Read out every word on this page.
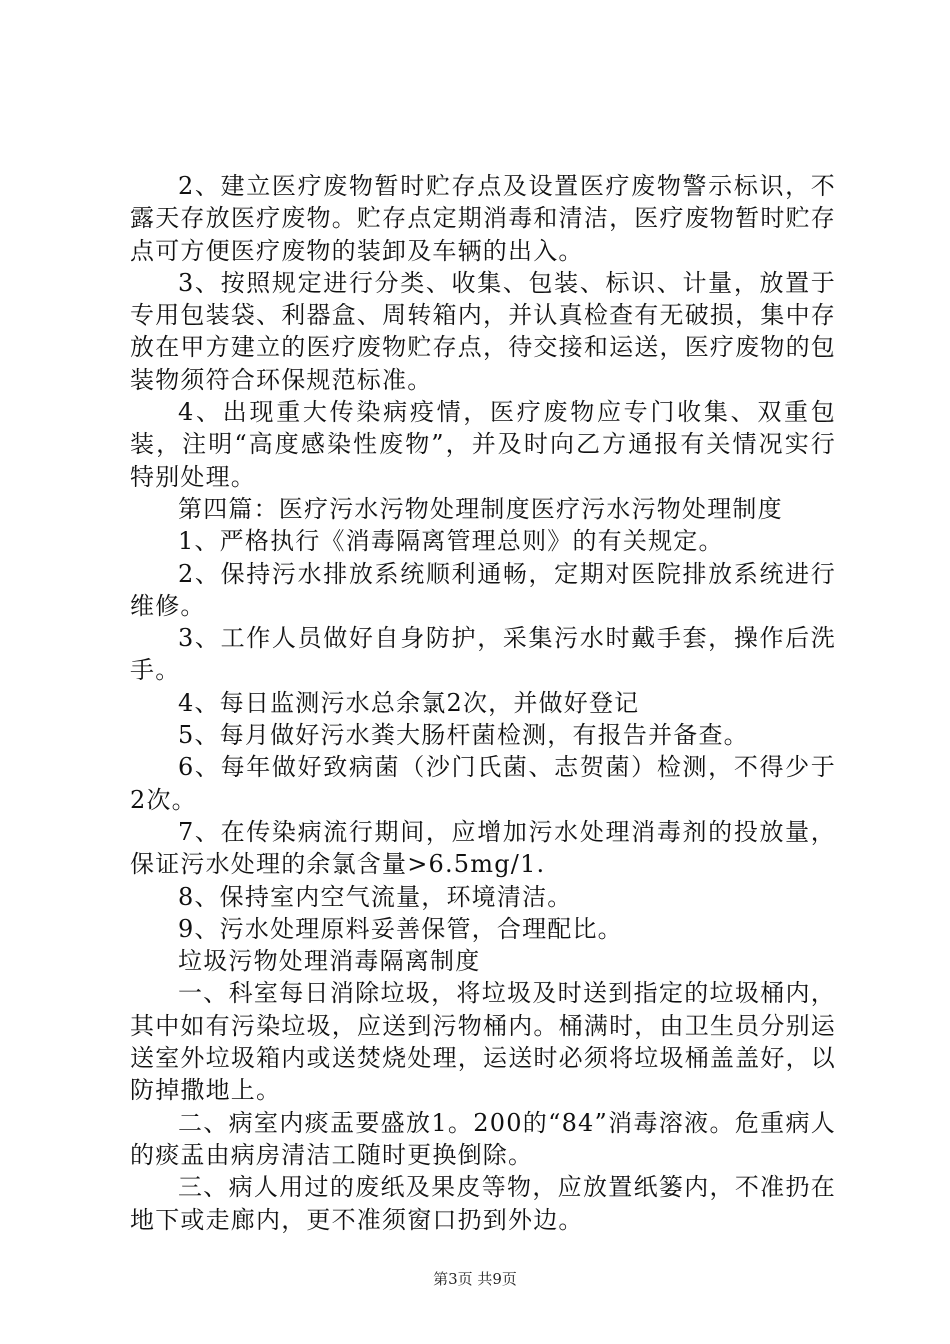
2、建立医疗废物暂时贮存点及设置医疗废物警示标识，不露天存放医疗废物。贮存点定期消毒和清洁，医疗废物暂时贮存点可方便医疗废物的装卸及车辆的出入。

3、按照规定进行分类、收集、包装、标识、计量，放置于专用包装袋、利器盒、周转箱内，并认真检查有无破损，集中存放在甲方建立的医疗废物贮存点，待交接和运送，医疗废物的包装物须符合环保规范标准。

4、出现重大传染病疫情，医疗废物应专门收集、双重包装，注明“高度感染性废物”，并及时向乙方通报有关情况实行特别处理。

第四篇：医疗污水污物处理制度医疗污水污物处理制度

1、严格执行《消毒隔离管理总则》的有关规定。

2、保持污水排放系统顺利通畅，定期对医院排放系统进行维修。

3、工作人员做好自身防护，采集污水时戴手套，操作后洗手。

4、每日监测污水总余氯2次，并做好登记

5、每月做好污水粪大肠杆菌检测，有报告并备查。

6、每年做好致病菌（沙门氏菌、志贺菌）检测，不得少于2次。

7、在传染病流行期间，应增加污水处理消毒剂的投放量，保证污水处理的余氯含量>6.5mg/1.

8、保持室内空气流量，环境清洁。

9、污水处理原料妥善保管，合理配比。

垃圾污物处理消毒隔离制度

一、科室每日消除垃圾，将垃圾及时送到指定的垃圾桶内，其中如有污染垃圾，应送到污物桶内。桶满时，由卫生员分别运送室外垃圾箱内或送焚烧处理，运送时必须将垃圾桶盖盖好，以防掉撒地上。

二、病室内痰盂要盛放1。200的“84”消毒溶液。危重病人的痰盂由病房清洁工随时更换倒除。

三、病人用过的废纸及果皮等物，应放置纸篓内，不准扔在地下或走廊内，更不准须窗口扔到外边。

第3页 共9页
